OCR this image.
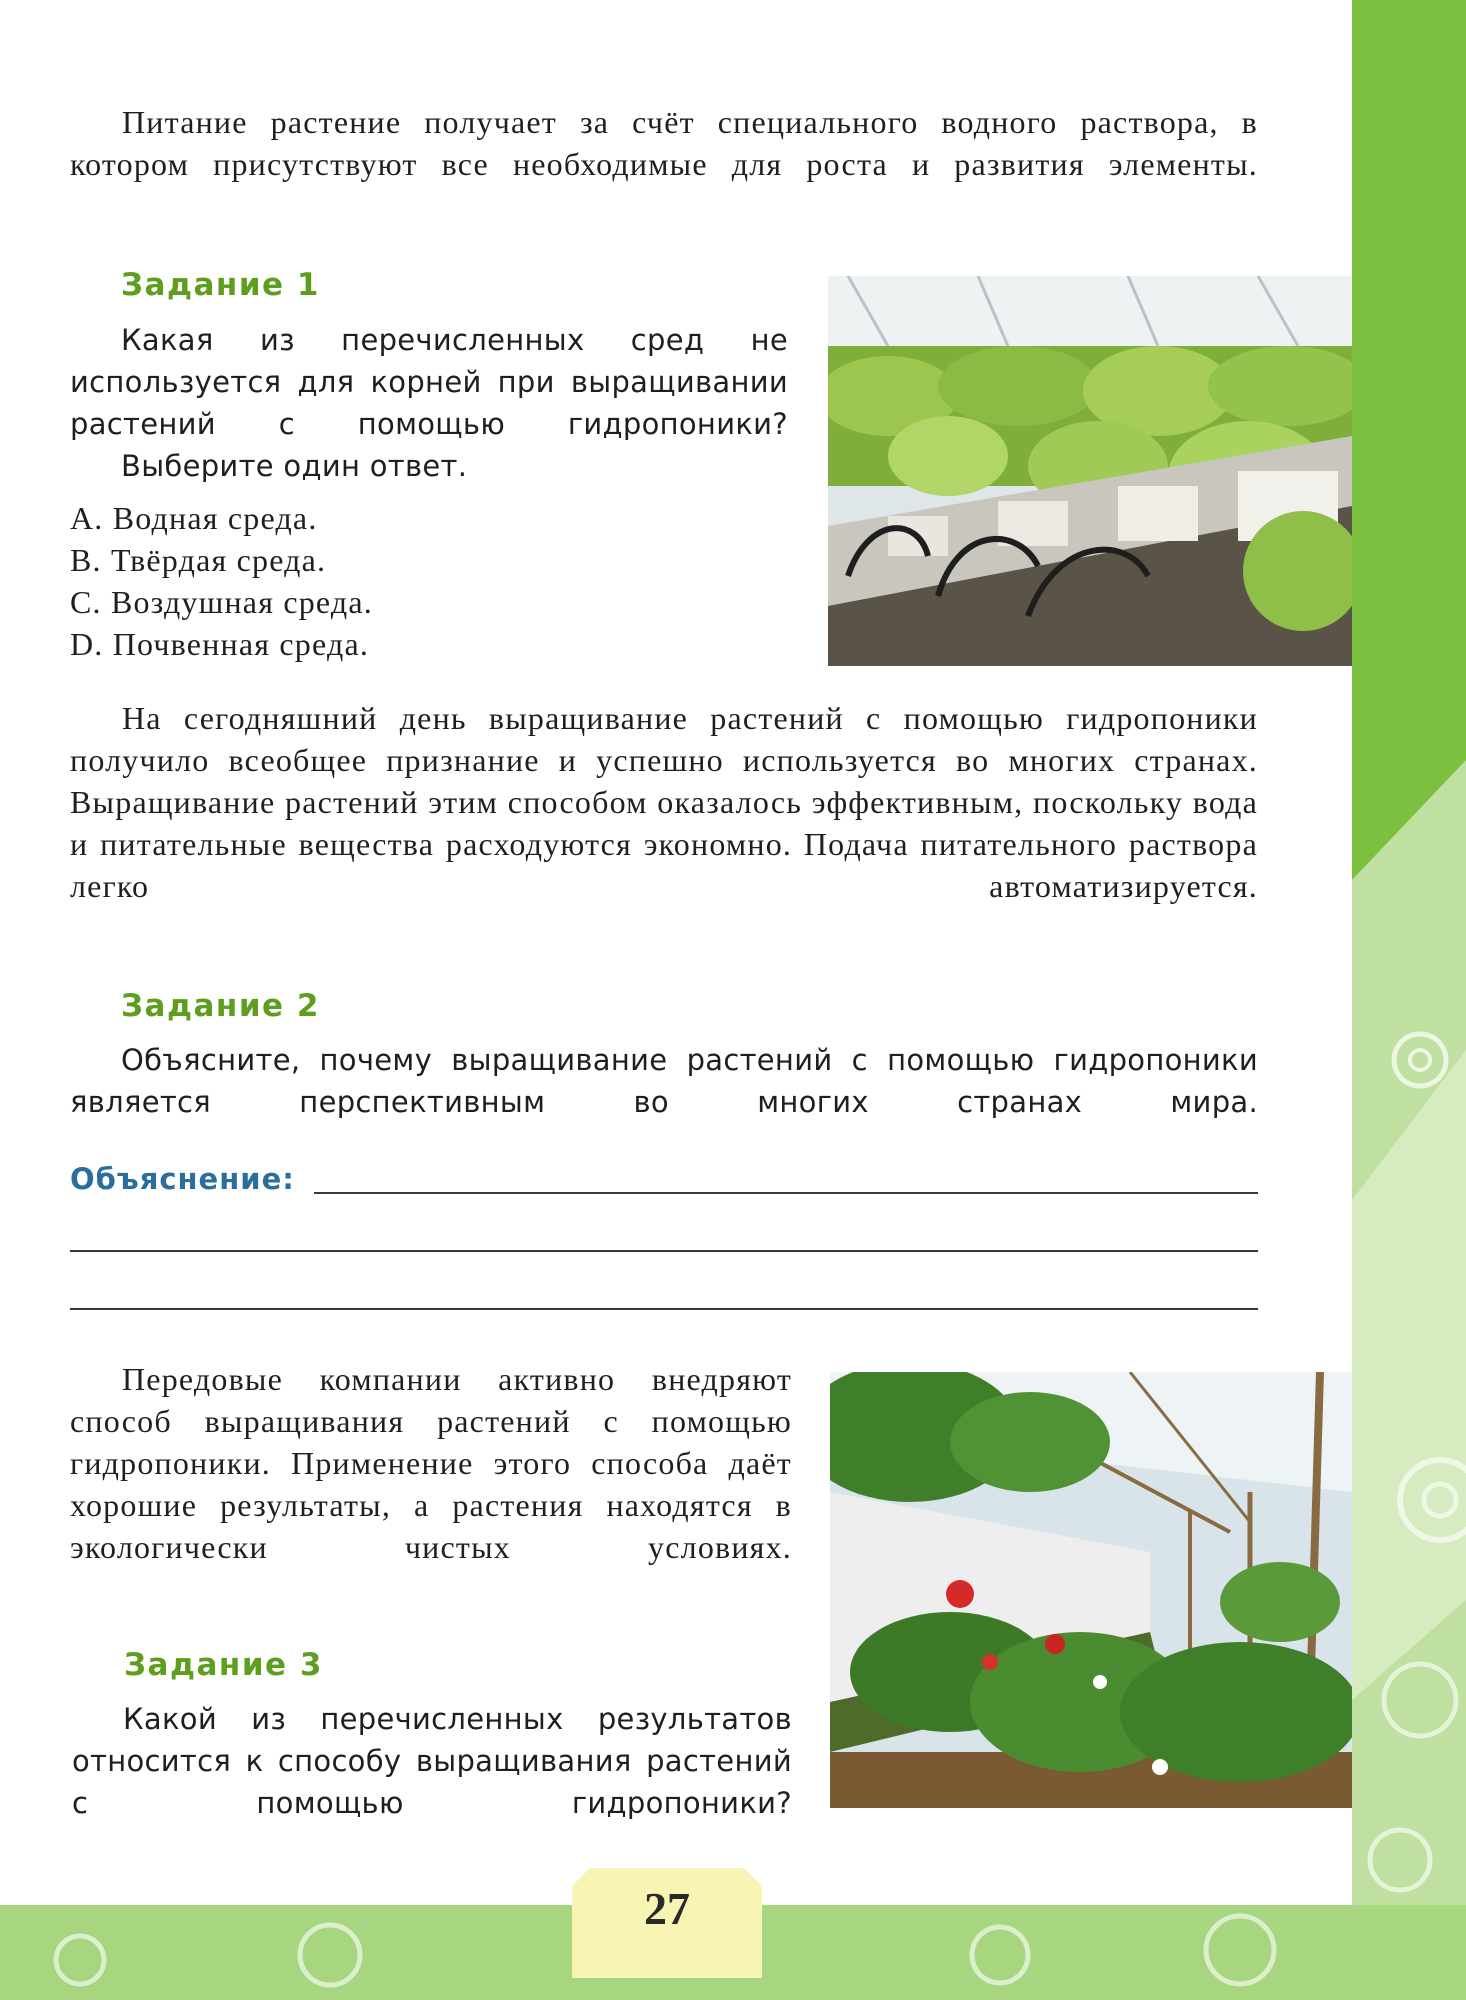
Питание растение получает за счёт специального водного раствора, в котором присутствуют все необходимые для роста и развития элементы.

Задание 1

Какая из перечисленных сред не используется для корней при выращивании растений с помощью гидропоники?

Выберите один ответ.

А. Водная среда.
В. Твёрдая среда.
С. Воздушная среда.
D. Почвенная среда.

На сегодняшний день выращивание растений с помощью гидропоники получило всеобщее признание и успешно используется во многих странах. Выращивание растений этим способом оказалось эффективным, поскольку вода и питательные вещества расходуются экономно. Подача питательного раствора легко автоматизируется.

Задание 2

Объясните, почему выращивание растений с помощью гидропоники является перспективным во многих странах мира.

Объяснение:

Передовые компании активно внедряют способ выращивания растений с помощью гидропоники. Применение этого способа даёт хорошие результаты, а растения находятся в экологически чистых условиях.

Задание 3

Какой из перечисленных результатов относится к способу выращивания растений с помощью гидропоники?

27
